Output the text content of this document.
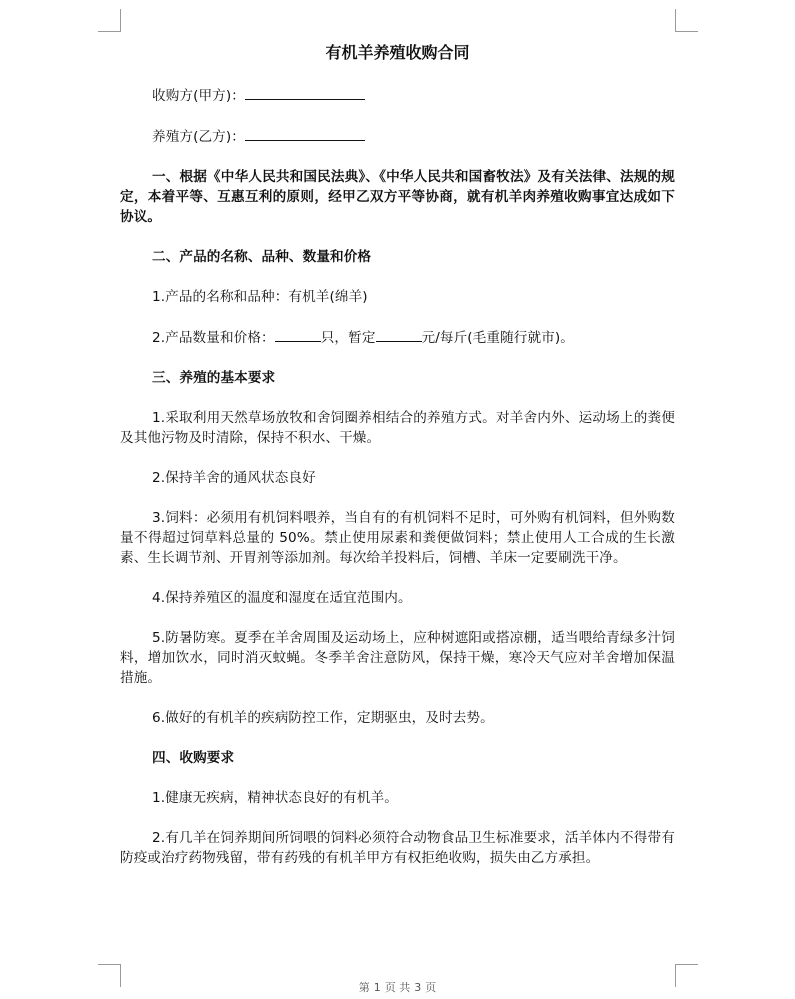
有机羊养殖收购合同

收购方(甲方)：

养殖方(乙方)：

一、根据《中华人民共和国民法典》、《中华人民共和国畜牧法》及有关法律、法规的规定，本着平等、互惠互利的原则，经甲乙双方平等协商，就有机羊肉养殖收购事宜达成如下协议。

二、产品的名称、品种、数量和价格

1.产品的名称和品种：有机羊(绵羊)

2.产品数量和价格：	只，暂定	元/每斤(毛重随行就市)。

三、养殖的基本要求

1.采取利用天然草场放牧和舍饲圈养相结合的养殖方式。对羊舍内外、运动场上的粪便及其他污物及时清除，保持不积水、干燥。

2.保持羊舍的通风状态良好

3.饲料：必须用有机饲料喂养，当自有的有机饲料不足时，可外购有机饲料，但外购数量不得超过饲草料总量的 50%。禁止使用尿素和粪便做饲料；禁止使用人工合成的生长激素、生长调节剂、开胃剂等添加剂。每次给羊投料后，饲槽、羊床一定要刷洗干净。

4.保持养殖区的温度和湿度在适宜范围内。

5.防暑防寒。夏季在羊舍周围及运动场上，应种树遮阳或搭凉棚，适当喂给青绿多汁饲料，增加饮水，同时消灭蚊蝇。冬季羊舍注意防风，保持干燥，寒冷天气应对羊舍增加保温措施。

6.做好的有机羊的疾病防控工作，定期驱虫，及时去势。

四、收购要求

1.健康无疾病，精神状态良好的有机羊。

2.有几羊在饲养期间所饲喂的饲料必须符合动物食品卫生标准要求，活羊体内不得带有防疫或治疗药物残留，带有药残的有机羊甲方有权拒绝收购，损失由乙方承担。

第 1 页 共 3 页
